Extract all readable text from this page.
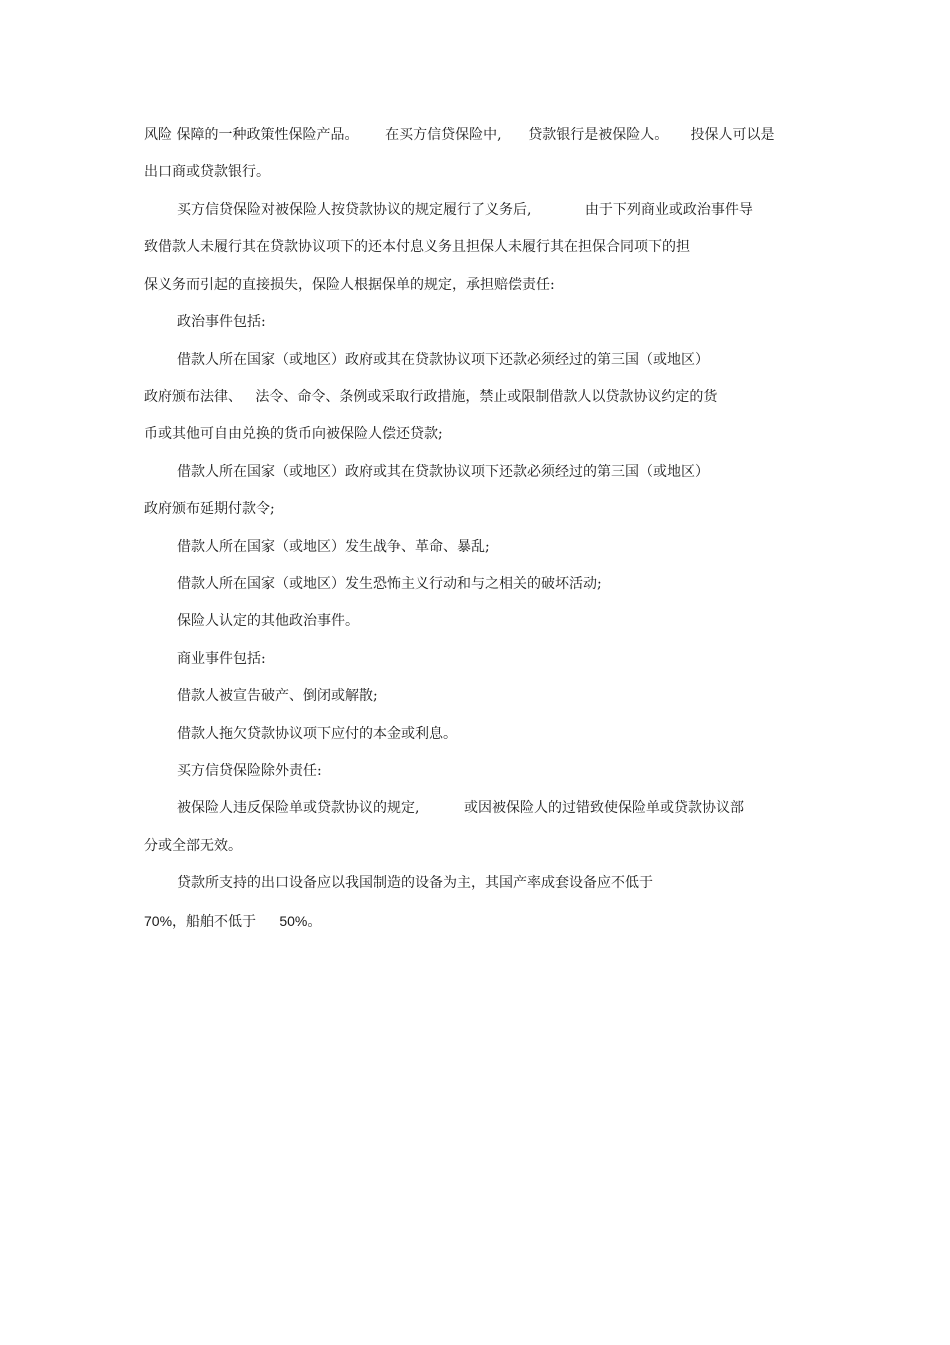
风险 保障的一种政策性保险产品。      在买方信贷保险中,      贷款银行是被保险人。     投保人可以是
出口商或贷款银行。
买方信贷保险对被保险人按贷款协议的规定履行了义务后,            由于下列商业或政治事件导
致借款人未履行其在贷款协议项下的还本付息义务且担保人未履行其在担保合同项下的担
保义务而引起的直接损失，保险人根据保单的规定，承担赔偿责任:
政治事件包括:
借款人所在国家（或地区）政府或其在贷款协议项下还款必须经过的第三国（或地区）
政府颁布法律、   法令、命令、条例或采取行政措施，禁止或限制借款人以贷款协议约定的货
币或其他可自由兑换的货币向被保险人偿还贷款;
借款人所在国家（或地区）政府或其在贷款协议项下还款必须经过的第三国（或地区）
政府颁布延期付款令;
借款人所在国家（或地区）发生战争、革命、暴乱;
借款人所在国家（或地区）发生恐怖主义行动和与之相关的破坏活动;
保险人认定的其他政治事件。
商业事件包括:
借款人被宣告破产、倒闭或解散;
借款人拖欠贷款协议项下应付的本金或利息。
买方信贷保险除外责任:
被保险人违反保险单或贷款协议的规定,          或因被保险人的过错致使保险单或贷款协议部
分或全部无效。
贷款所支持的出口设备应以我国制造的设备为主，其国产率成套设备应不低于
70%，船舶不低于      50%。
